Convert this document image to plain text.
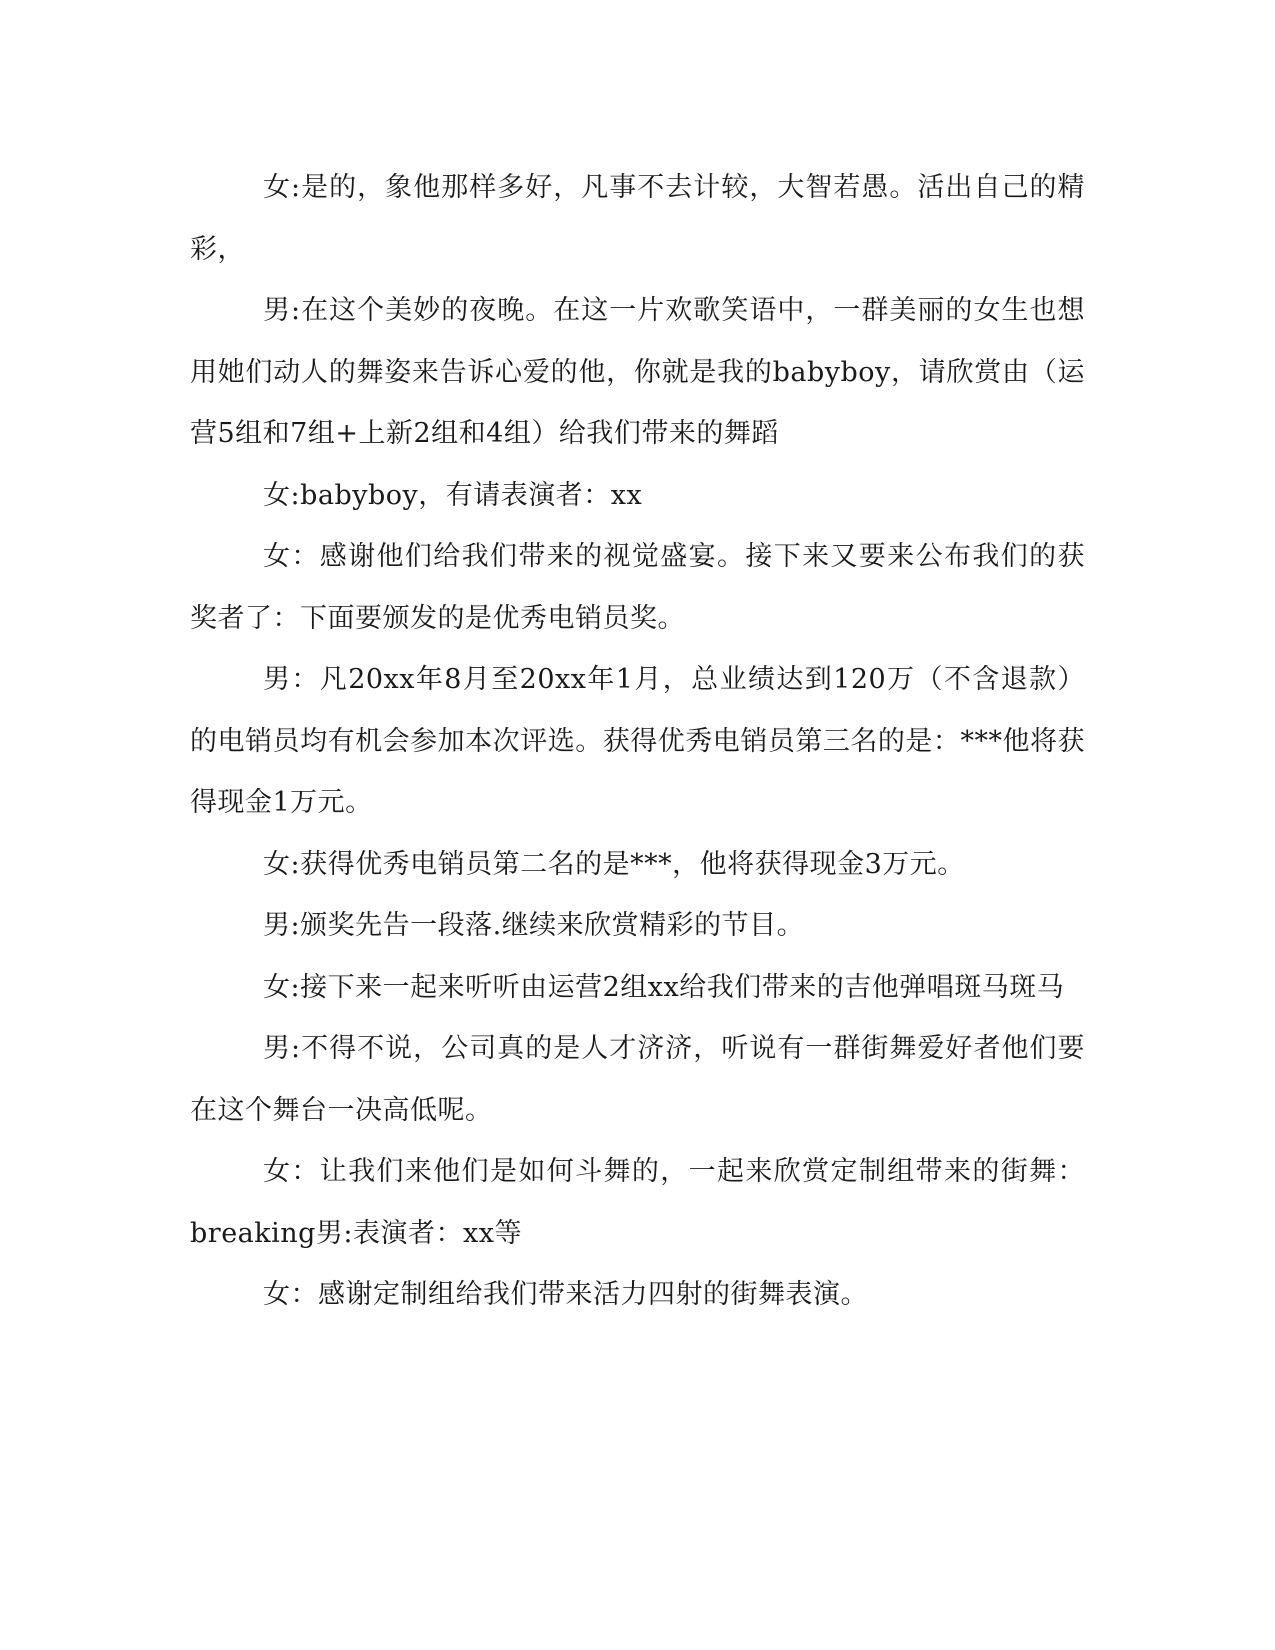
女:是的，象他那样多好，凡事不去计较，大智若愚。活出自己的精彩，

男:在这个美妙的夜晚。在这一片欢歌笑语中，一群美丽的女生也想用她们动人的舞姿来告诉心爱的他，你就是我的babyboy，请欣赏由（运营5组和7组+上新2组和4组）给我们带来的舞蹈

女:babyboy，有请表演者：xx

女：感谢他们给我们带来的视觉盛宴。接下来又要来公布我们的获奖者了：下面要颁发的是优秀电销员奖。

男：凡20xx年8月至20xx年1月，总业绩达到120万（不含退款）的电销员均有机会参加本次评选。获得优秀电销员第三名的是：***他将获得现金1万元。

女:获得优秀电销员第二名的是***，他将获得现金3万元。

男:颁奖先告一段落.继续来欣赏精彩的节目。

女:接下来一起来听听由运营2组xx给我们带来的吉他弹唱斑马斑马

男:不得不说，公司真的是人才济济，听说有一群街舞爱好者他们要在这个舞台一决高低呢。

女：让我们来他们是如何斗舞的，一起来欣赏定制组带来的街舞：breaking男:表演者：xx等

女：感谢定制组给我们带来活力四射的街舞表演。
